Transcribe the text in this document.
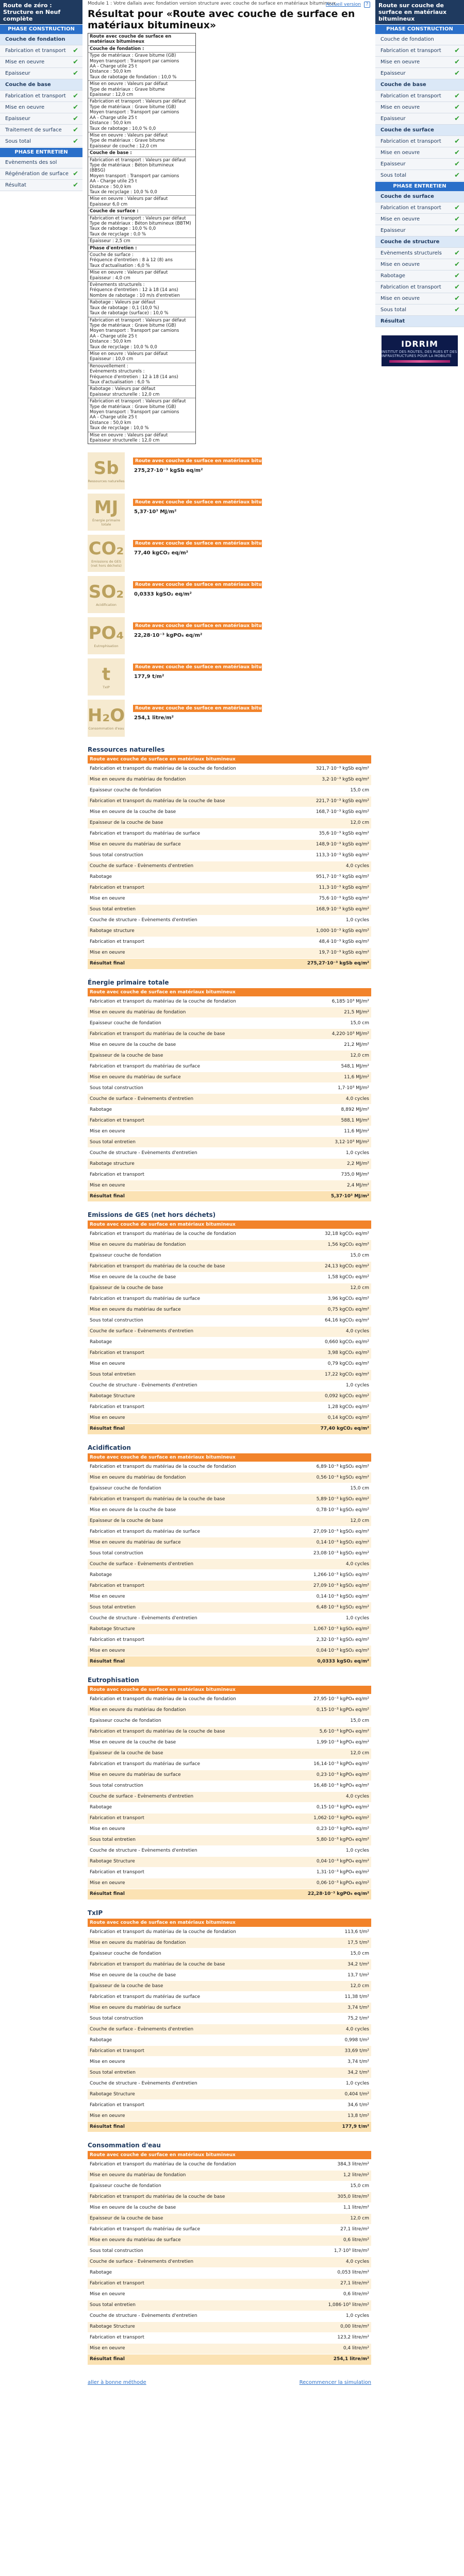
Route de zéro :
Structure en Neuf complète
PHASE CONSTRUCTION
Couche de fondation
Fabrication et transport ✔
Mise en oeuvre	✔
Epaisseur	✔
Couche de base
Fabrication et transport ✔
Mise en oeuvre	✔
Epaisseur	✔
Traitement de surface ✔
Sous total	✔
PHASE ENTRETIEN
Evènements des sol
Régénération de surface ✔
Résultat	✔
Module 1 : Votre dallais avec fondation version structure avec couche de surface en matériaux bitumineux
Accueil version	?
Résultat pour «Route avec couche de surface en matériaux bitumineux»
Route avec couche de surface en matériaux bitumineux
Couche de fondation :
Type de matériaux : Grave bitume (GB)
Moyen transport : Transport par camions
AA - Charge utile 25 t
Distance : 50,0 km
Taux de rabotage de fondation : 10,0 %
Mise en oeuvre : Valeurs par défaut
Type de matériaux : Grave bitume
Epaisseur : 12,0 cm
Fabrication et transport : Valeurs par défaut
Type de matériaux : Grave bitume (GB)
Moyen transport : Transport par camions
AA - Charge utile 25 t
Distance : 50,0 km
Taux de rabotage : 10,0 % 0,0
Mise en oeuvre : Valeurs par défaut
Type de matériaux : Grave bitume
Epaisseur de couche : 12,0 cm
Couche de base :
Fabrication et transport : Valeurs par défaut
Type de matériaux : Béton bitumineux
(BBSG)
Moyen transport : Transport par camions
AA - Charge utile 25 t
Distance : 50,0 km
Taux de recyclage : 10,0 % 0,0
Mise en oeuvre : Valeurs par défaut
Epaisseur 6,0 cm
Couche de surface :
Fabrication et transport : Valeurs par défaut
Type de matériaux : Béton bitumineux (BBTM)
Taux de rabotage : 10,0 % 0,0
Taux de recyclage : 0,0 %
Épaisseur : 2,5 cm
Phase d'entretien :
Couche de surface :
Fréquence d'entretien : 8 à 12 (8) ans
Taux d'actualisation : 6,0 %
Mise en oeuvre : Valeurs par défaut
Epaisseur : 4,0 cm
Evènements structurels :
Fréquence d'entretien : 12 à 18 (14 ans)
Nombre de rabotage : 10 m/s d'entretien
Rabotage : Valeurs par défaut
Taux de rabotage : 0,1 (10,0 %)
Taux de rabotage (surface) : 10,0 %
Fabrication et transport : Valeurs par défaut
Type de matériaux : Grave bitume (GB)
Moyen transport : Transport par camions
AA - Charge utile 25 t
Distance : 50,0 km
Taux de recyclage : 10,0 % 0,0
Mise en oeuvre : Valeurs par défaut
Epaisseur : 10,0 cm
Renouvellement :
Evènements structurels :
Fréquence d'entretien : 12 à 18 (14 ans)
Taux d'actualisation : 6,0 %
Rabotage : Valeurs par défaut
Epaisseur structurelle : 12,0 cm
Fabrication et transport : Valeurs par défaut
Type de matériaux : Grave bitume (GB)
Moyen transport : Transport par camions
AA - Charge utile 25 t
Distance : 50,0 km
Taux de recyclage : 10,0 %
Mise en oeuvre : Valeurs par défaut
Epaisseur structurelle : 12,0 cm
Sb
Ressources naturelles
Route avec couche de surface en matériaux bitumineux
275,27·10⁻³ kgSb eq/m²
MJ
Énergie primaire totale
Route avec couche de surface en matériaux bitumineux
5,37·10³ MJ/m²
CO₂
Emissions de GES (net hors déchets)
Route avec couche de surface en matériaux bitumineux
77,40 kgCO₂ eq/m²
SO₂
Acidification
Route avec couche de surface en matériaux bitumineux
0,0333 kgSO₂ eq/m²
PO₄
Eutrophisation
Route avec couche de surface en matériaux bitumineux
22,28·10⁻³ kgPO₄ eq/m²
t
TxIP
Route avec couche de surface en matériaux bitumineux
177,9 t/m²
H₂O
Consommation d'eau
Route avec couche de surface en matériaux bitumineux
254,1 litre/m²
Ressources naturelles
Route avec couche de surface en matériaux bitumineux	
Fabrication et transport du matériau de la couche de fondation	321,7·10⁻³ kgSb eq/m²
Mise en oeuvre du matériau de fondation	3,2·10⁻³ kgSb eq/m²
Epaisseur couche de fondation	15,0 cm
Fabrication et transport du matériau de la couche de base	221,7·10⁻³ kgSb eq/m²
Mise en oeuvre de la couche de base	168,7·10⁻³ kgSb eq/m²
Epaisseur de la couche de base	12,0 cm
Fabrication et transport du matériau de surface	35,6·10⁻³ kgSb eq/m²
Mise en oeuvre du matériau de surface	148,9·10⁻³ kgSb eq/m²
Sous total construction	113,3·10⁻³ kgSb eq/m²
Couche de surface - Evènements d'entretien	4,0 cycles
Rabotage	951,7·10⁻³ kgSb eq/m²
Fabrication et transport	11,3·10⁻³ kgSb eq/m²
Mise en oeuvre	75,6·10⁻³ kgSb eq/m²
Sous total entretien	168,9·10⁻³ kgSb eq/m²
Couche de structure - Evènements d'entretien	1,0 cycles
Rabotage structure	1,000·10⁻³ kgSb eq/m²
Fabrication et transport	48,4·10⁻³ kgSb eq/m²
Mise en oeuvre	19,7·10⁻³ kgSb eq/m²
Résultat final	275,27·10⁻³ kgSb eq/m²
Énergie primaire totale
Route avec couche de surface en matériaux bitumineux	
Fabrication et transport du matériau de la couche de fondation	6,185·10³ MJ/m²
Mise en oeuvre du matériau de fondation	21,5 MJ/m²
Epaisseur couche de fondation	15,0 cm
Fabrication et transport du matériau de la couche de base	4,220·10³ MJ/m²
Mise en oeuvre de la couche de base	21,2 MJ/m²
Epaisseur de la couche de base	12,0 cm
Fabrication et transport du matériau de surface	548,1 MJ/m²
Mise en oeuvre du matériau de surface	11,6 MJ/m²
Sous total construction	1,7·10³ MJ/m²
Couche de surface - Evènements d'entretien	4,0 cycles
Rabotage	8,892 MJ/m²
Fabrication et transport	588,1 MJ/m²
Mise en oeuvre	11,6 MJ/m²
Sous total entretien	3,12·10³ MJ/m²
Couche de structure - Evènements d'entretien	1,0 cycles
Rabotage structure	2,2 MJ/m²
Fabrication et transport	735,0 MJ/m²
Mise en oeuvre	2,4 MJ/m²
Résultat final	5,37·10³ MJ/m²
Emissions de GES (net hors déchets)
Route avec couche de surface en matériaux bitumineux	
Fabrication et transport du matériau de la couche de fondation	32,18 kgCO₂ eq/m²
Mise en oeuvre du matériau de fondation	1,56 kgCO₂ eq/m²
Epaisseur couche de fondation	15,0 cm
Fabrication et transport du matériau de la couche de base	24,13 kgCO₂ eq/m²
Mise en oeuvre de la couche de base	1,58 kgCO₂ eq/m²
Epaisseur de la couche de base	12,0 cm
Fabrication et transport du matériau de surface	3,96 kgCO₂ eq/m²
Mise en oeuvre du matériau de surface	0,75 kgCO₂ eq/m²
Sous total construction	64,16 kgCO₂ eq/m²
Couche de surface - Evènements d'entretien	4,0 cycles
Rabotage	0,660 kgCO₂ eq/m²
Fabrication et transport	3,98 kgCO₂ eq/m²
Mise en oeuvre	0,79 kgCO₂ eq/m²
Sous total entretien	17,22 kgCO₂ eq/m²
Couche de structure - Evènements d'entretien	1,0 cycles
Rabotage Structure	0,092 kgCO₂ eq/m²
Fabrication et transport	1,28 kgCO₂ eq/m²
Mise en oeuvre	0,14 kgCO₂ eq/m²
Résultat final	77,40 kgCO₂ eq/m²
Acidification
Route avec couche de surface en matériaux bitumineux	
Fabrication et transport du matériau de la couche de fondation	6,89·10⁻³ kgSO₂ eq/m²
Mise en oeuvre du matériau de fondation	0,56·10⁻³ kgSO₂ eq/m²
Epaisseur couche de fondation	15,0 cm
Fabrication et transport du matériau de la couche de base	5,89·10⁻³ kgSO₂ eq/m²
Mise en oeuvre de la couche de base	0,78·10⁻³ kgSO₂ eq/m²
Epaisseur de la couche de base	12,0 cm
Fabrication et transport du matériau de surface	27,09·10⁻³ kgSO₂ eq/m²
Mise en oeuvre du matériau de surface	0,14·10⁻³ kgSO₂ eq/m²
Sous total construction	23,08·10⁻³ kgSO₂ eq/m²
Couche de surface - Evènements d'entretien	4,0 cycles
Rabotage	1,266·10⁻³ kgSO₂ eq/m²
Fabrication et transport	27,09·10⁻³ kgSO₂ eq/m²
Mise en oeuvre	0,14·10⁻³ kgSO₂ eq/m²
Sous total entretien	6,48·10⁻³ kgSO₂ eq/m²
Couche de structure - Evènements d'entretien	1,0 cycles
Rabotage Structure	1,067·10⁻³ kgSO₂ eq/m²
Fabrication et transport	2,32·10⁻³ kgSO₂ eq/m²
Mise en oeuvre	0,04·10⁻³ kgSO₂ eq/m²
Résultat final	0,0333 kgSO₂ eq/m²
Eutrophisation
Route avec couche de surface en matériaux bitumineux	
Fabrication et transport du matériau de la couche de fondation	27,95·10⁻³ kgPO₄ eq/m²
Mise en oeuvre du matériau de fondation	0,15·10⁻³ kgPO₄ eq/m²
Epaisseur couche de fondation	15,0 cm
Fabrication et transport du matériau de la couche de base	5,6·10⁻³ kgPO₄ eq/m²
Mise en oeuvre de la couche de base	1,99·10⁻³ kgPO₄ eq/m²
Epaisseur de la couche de base	12,0 cm
Fabrication et transport du matériau de surface	16,14·10⁻³ kgPO₄ eq/m²
Mise en oeuvre du matériau de surface	0,23·10⁻³ kgPO₄ eq/m²
Sous total construction	16,48·10⁻³ kgPO₄ eq/m²
Couche de surface - Evènements d'entretien	4,0 cycles
Rabotage	0,15·10⁻³ kgPO₄ eq/m²
Fabrication et transport	1,062·10⁻³ kgPO₄ eq/m²
Mise en oeuvre	0,23·10⁻³ kgPO₄ eq/m²
Sous total entretien	5,80·10⁻³ kgPO₄ eq/m²
Couche de structure - Evènements d'entretien	1,0 cycles
Rabotage Structure	0,04·10⁻³ kgPO₄ eq/m²
Fabrication et transport	1,31·10⁻³ kgPO₄ eq/m²
Mise en oeuvre	0,06·10⁻³ kgPO₄ eq/m²
Résultat final	22,28·10⁻³ kgPO₄ eq/m²
TxIP
Route avec couche de surface en matériaux bitumineux	
Fabrication et transport du matériau de la couche de fondation	113,6 t/m²
Mise en oeuvre du matériau de fondation	17,5 t/m²
Epaisseur couche de fondation	15,0 cm
Fabrication et transport du matériau de la couche de base	34,2 t/m²
Mise en oeuvre de la couche de base	13,7 t/m²
Epaisseur de la couche de base	12,0 cm
Fabrication et transport du matériau de surface	11,38 t/m²
Mise en oeuvre du matériau de surface	3,74 t/m²
Sous total construction	75,2 t/m²
Couche de surface - Evènements d'entretien	4,0 cycles
Rabotage	0,998 t/m²
Fabrication et transport	33,69 t/m²
Mise en oeuvre	3,74 t/m²
Sous total entretien	34,2 t/m²
Couche de structure - Evènements d'entretien	1,0 cycles
Rabotage Structure	0,404 t/m²
Fabrication et transport	34,6 t/m²
Mise en oeuvre	13,8 t/m²
Résultat final	177,9 t/m²
Consommation d'eau
Route avec couche de surface en matériaux bitumineux	
Fabrication et transport du matériau de la couche de fondation	384,3 litre/m²
Mise en oeuvre du matériau de fondation	1,2 litre/m²
Epaisseur couche de fondation	15,0 cm
Fabrication et transport du matériau de la couche de base	305,0 litre/m²
Mise en oeuvre de la couche de base	1,1 litre/m²
Epaisseur de la couche de base	12,0 cm
Fabrication et transport du matériau de surface	27,1 litre/m²
Mise en oeuvre du matériau de surface	0,6 litre/m²
Sous total construction	1,7·10³ litre/m²
Couche de surface - Evènements d'entretien	4,0 cycles
Rabotage	0,053 litre/m²
Fabrication et transport	27,1 litre/m²
Mise en oeuvre	0,6 litre/m²
Sous total entretien	1,086·10³ litre/m²
Couche de structure - Evènements d'entretien	1,0 cycles
Rabotage Structure	0,00 litre/m²
Fabrication et transport	123,2 litre/m²
Mise en oeuvre	0,4 litre/m²
Résultat final	254,1 litre/m²
aller à bonne méthode	Recommencer la simulation
Route sur couche de surface en matériaux bitumineux
PHASE CONSTRUCTION
Couche de fondation
Fabrication et transport ✔
Mise en oeuvre	✔
Epaisseur	✔
Couche de base
Fabrication et transport ✔
Mise en oeuvre	✔
Epaisseur	✔
Couche de surface
Fabrication et transport ✔
Mise en oeuvre	✔
Epaisseur	✔
Sous total	✔
PHASE ENTRETIEN
Couche de surface
Fabrication et transport ✔
Mise en oeuvre	✔
Epaisseur	✔
Couche de structure
Evènements structurels ✔
Mise en oeuvre	✔
Rabotage	✔
Fabrication et transport ✔
Mise en oeuvre	✔
Sous total	✔
Résultat
IDRRIM
INSTITUT DES ROUTES, DES RUES ET DES INFRASTRUCTURES POUR LA MOBILITÉ
